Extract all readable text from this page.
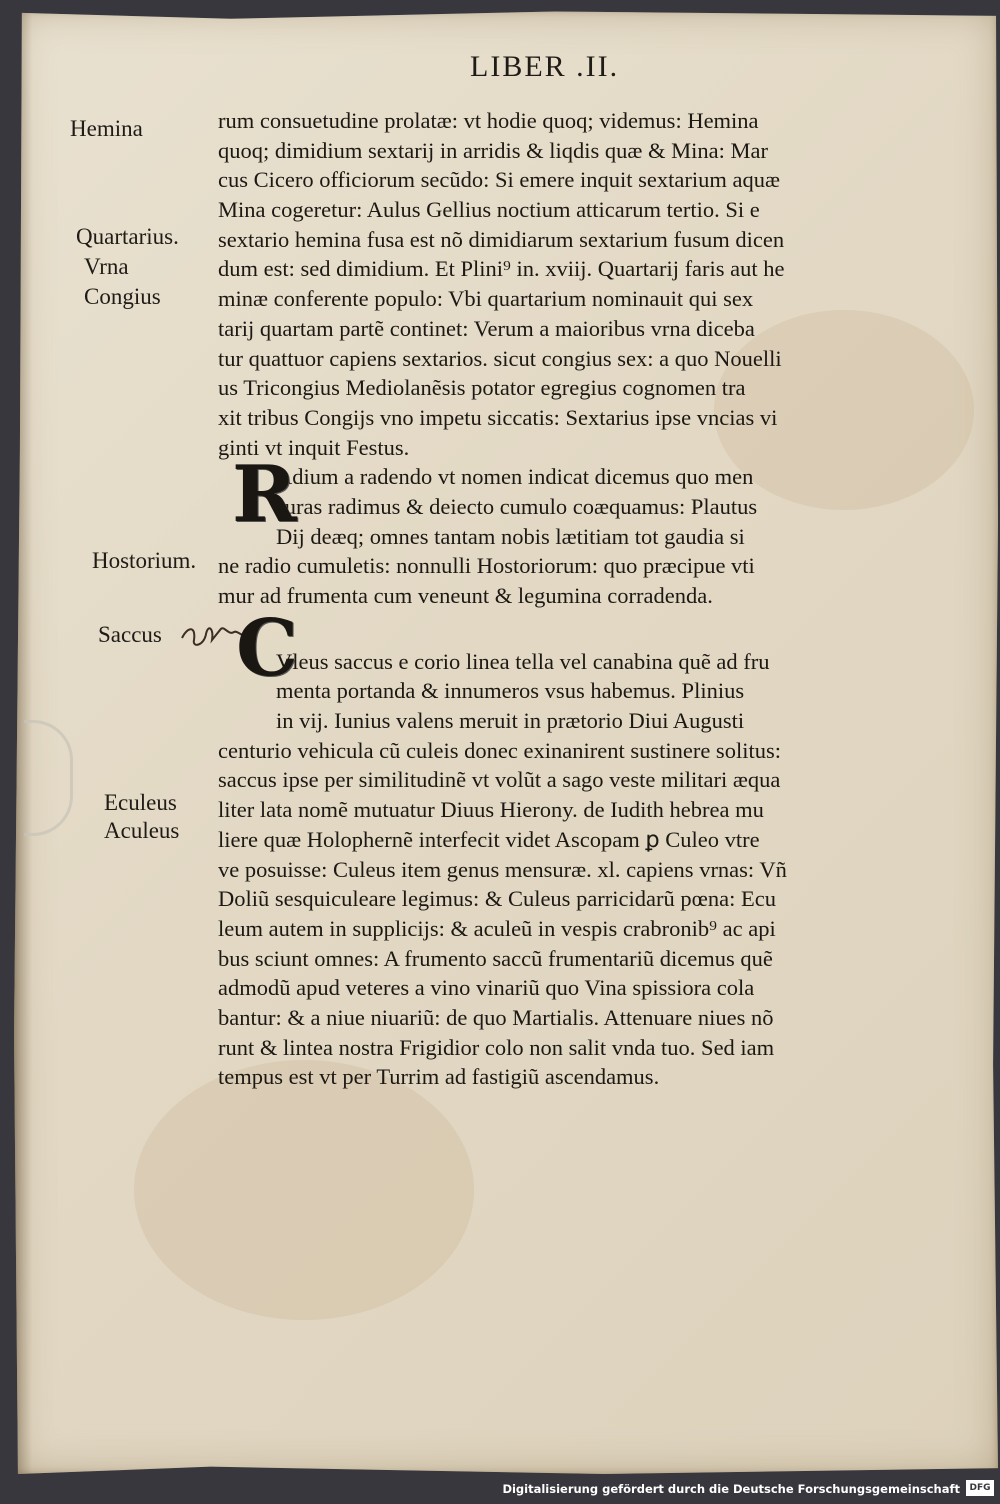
LIBER .II.
Hemina
Quartarius.
Vrna
Congius
Hostorium.
Saccus
Eculeus
Aculeus
rum consuetudine prolatæ: vt hodie quoq; videmus: Hemina
quoq; dimidium sextarij in arridis & liqdis quæ & Mina: Mar
cus Cicero officiorum secũdo: Si emere inquit sextarium aquæ
Mina cogeretur: Aulus Gellius noctium atticarum tertio. Si e
sextario hemina fusa est nõ dimidiarum sextarium fusum dicen
dum est: sed dimidium. Et Plini⁹ in. xviij. Quartarij faris aut he
minæ conferente populo: Vbi quartarium nominauit qui sex
tarij quartam partẽ continet: Verum a maioribus vrna diceba
tur quattuor capiens sextarios. sicut congius sex: a quo Nouelli
us Tricongius Mediolanẽsis potator egregius cognomen tra
xit tribus Congijs vno impetu siccatis: Sextarius ipse vncias vi
ginti vt inquit Festus.
Adium a radendo vt nomen indicat dicemus quo men
suras radimus & deiecto cumulo coæquamus: Plautus
Dij deæq; omnes tantam nobis lætitiam tot gaudia si
ne radio cumuletis: nonnulli Hostoriorum: quo præcipue vti
mur ad frumenta cum veneunt & legumina corradenda.
Vleus saccus e corio linea tella vel canabina quẽ ad fru
menta portanda & innumeros vsus habemus. Plinius
in vij. Iunius valens meruit in prætorio Diui Augusti
centurio vehicula cũ culeis donec exinanirent sustinere solitus:
saccus ipse per similitudinẽ vt volũt a sago veste militari æqua
liter lata nomẽ mutuatur Diuus Hierony. de Iudith hebrea mu
liere quæ Holophernẽ interfecit videt Ascopam ꝑ Culeo vtre
ve posuisse: Culeus item genus mensuræ. xl. capiens vrnas: Vñ
Doliũ sesquiculeare legimus: & Culeus parricidarũ pœna: Ecu
leum autem in supplicijs: & aculeũ in vespis crabronib⁹ ac api
bus sciunt omnes: A frumento saccũ frumentariũ dicemus quẽ
admodũ apud veteres a vino vinariũ quo Vina spissiora cola
bantur: & a niue niuariũ: de quo Martialis. Attenuare niues nõ
runt & lintea nostra Frigidior colo non salit vnda tuo. Sed iam
tempus est vt per Turrim ad fastigiũ ascendamus.
R
C
Digitalisierung gefördert durch die Deutsche Forschungsgemeinschaft	DFG
